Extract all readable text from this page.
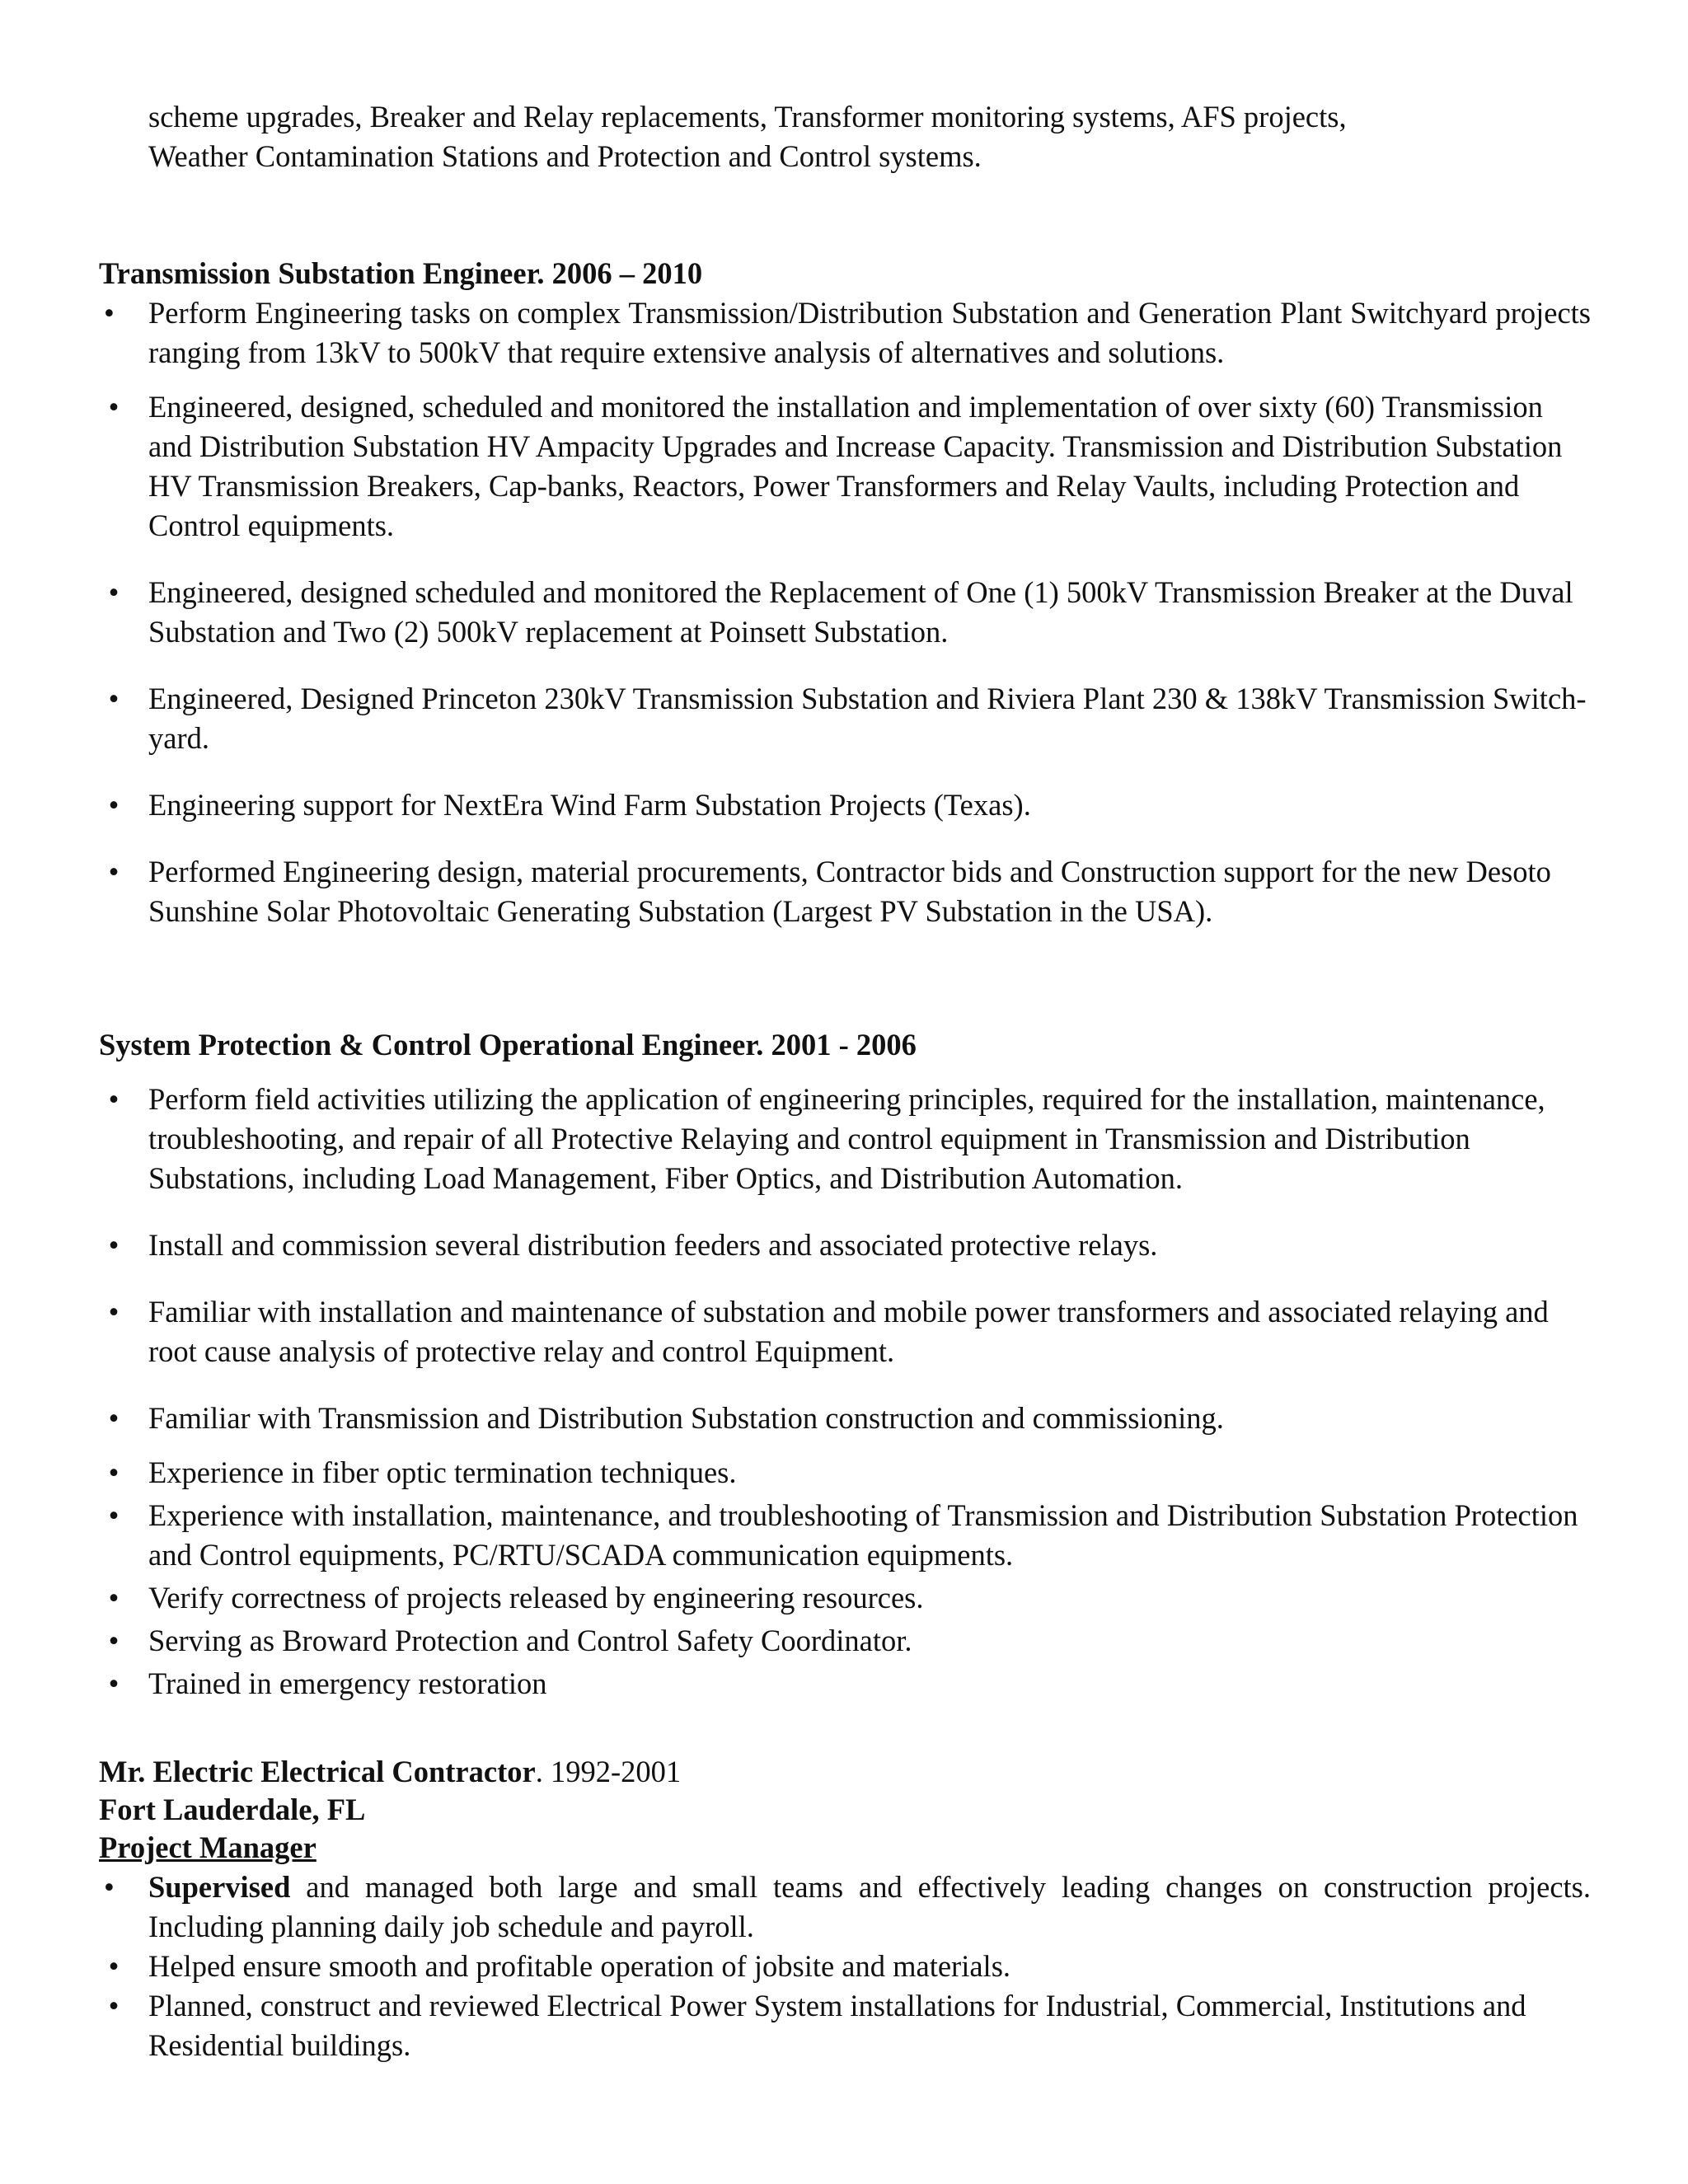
scheme upgrades, Breaker and Relay replacements, Transformer monitoring systems, AFS projects,
Weather Contamination Stations and Protection and Control systems.
Transmission Substation Engineer. 2006 – 2010
•	Perform Engineering tasks on complex Transmission/Distribution Substation and Generation Plant Switchyard projects ranging from 13kV to 500kV that require extensive analysis of alternatives and solutions.
• Engineered, designed, scheduled and monitored the installation and implementation of over sixty (60) Transmission and Distribution Substation HV Ampacity Upgrades and Increase Capacity. Transmission and Distribution Substation HV Transmission Breakers, Cap-banks, Reactors, Power Transformers and Relay Vaults, including Protection and Control equipments.
• Engineered, designed scheduled and monitored the Replacement of One (1) 500kV Transmission Breaker at the Duval Substation and Two (2) 500kV replacement at Poinsett Substation.
• Engineered, Designed Princeton 230kV Transmission Substation and Riviera Plant 230 & 138kV Transmission Switch-yard.
• Engineering support for NextEra Wind Farm Substation Projects (Texas).
• Performed Engineering design, material procurements, Contractor bids and Construction support for the new Desoto Sunshine Solar Photovoltaic Generating Substation (Largest PV Substation in the USA).
System Protection & Control Operational Engineer. 2001 - 2006
• Perform field activities utilizing the application of engineering principles, required for the installation, maintenance, troubleshooting, and repair of all Protective Relaying and control equipment in Transmission and Distribution Substations, including Load Management, Fiber Optics, and Distribution Automation.
• Install and commission several distribution feeders and associated protective relays.
• Familiar with installation and maintenance of substation and mobile power transformers and associated relaying and root cause analysis of protective relay and control Equipment.
• Familiar with Transmission and Distribution Substation construction and commissioning.
• Experience in fiber optic termination techniques.
• Experience with installation, maintenance, and troubleshooting of Transmission and Distribution Substation Protection and Control equipments, PC/RTU/SCADA communication equipments.
• Verify correctness of projects released by engineering resources.
• Serving as Broward Protection and Control Safety Coordinator.
• Trained in emergency restoration
Mr. Electric Electrical Contractor. 1992-2001
Fort Lauderdale, FL
Project Manager
•	Supervised and managed both large and small teams and effectively leading changes on construction projects. Including planning daily job schedule and payroll.
• Helped ensure smooth and profitable operation of jobsite and materials.
• Planned, construct and reviewed Electrical Power System installations for Industrial, Commercial, Institutions and Residential buildings.
